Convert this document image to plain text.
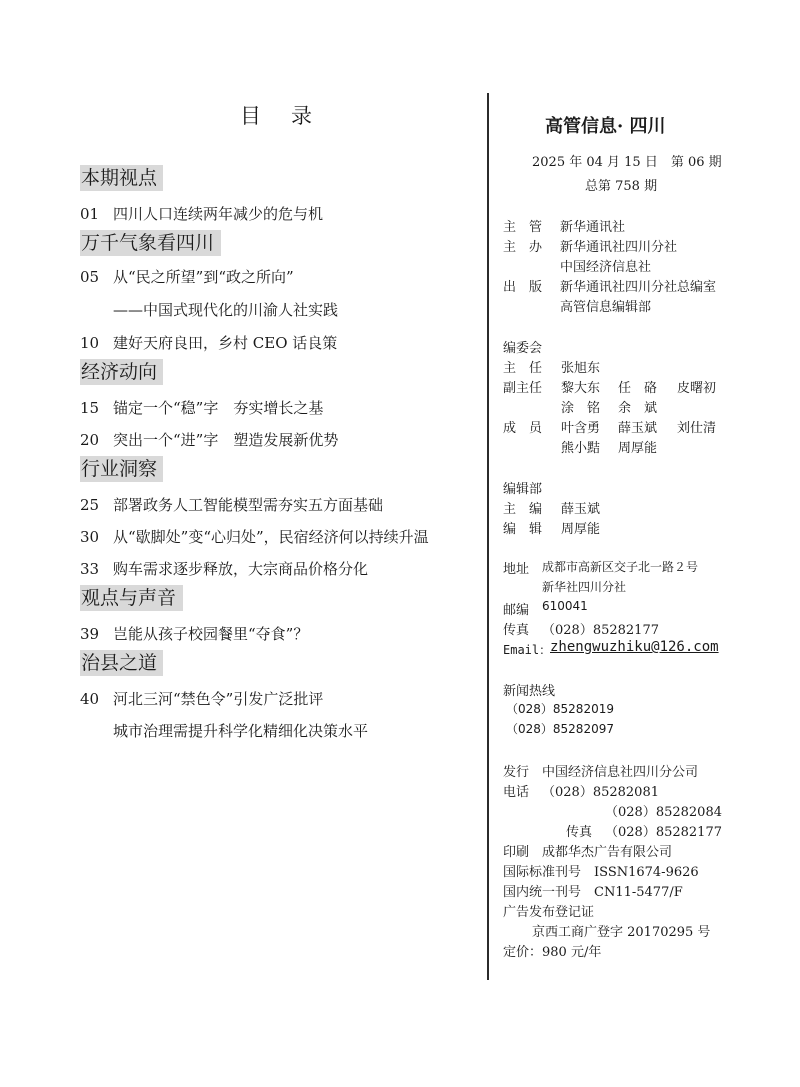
目 录
本期视点
01 四川人口连续两年减少的危与机
万千气象看四川
05 从“民之所望”到“政之所向”
——中国式现代化的川渝人社实践
10 建好天府良田，乡村 CEO 话良策
经济动向
15 锚定一个“稳”字　夯实增长之基
20 突出一个“进”字　塑造发展新优势
行业洞察
25 部署政务人工智能模型需夯实五方面基础
30 从“歇脚处”变“心归处”，民宿经济何以持续升温
33 购车需求逐步释放，大宗商品价格分化
观点与声音
39 岂能从孩子校园餐里“夺食”？
治县之道
40 河北三河“禁色令”引发广泛批评
城市治理需提升科学化精细化决策水平
高管信息· 四川
2025 年 04 月 15 日　第 06 期
总第 758 期
主　管 新华通讯社
主　办 新华通讯社四川分社
中国经济信息社
出　版 新华通讯社四川分社总编室
高管信息编辑部
编委会
主　任 张旭东
副主任 黎大东 任　硌 皮曙初
涂　铭 余　斌
成　员 叶含勇 薛玉斌 刘仕清
熊小黠 周厚能
编辑部
主　编 薛玉斌
编　辑 周厚能
地址 成都市高新区交子北一路２号
新华社四川分社
邮编 610041
传真 （028）85282177
Email：
zhengwuzhiku@126.com
新闻热线
（028）85282019
（028）85282097
发行　中国经济信息社四川分公司
电话 （028）85282081
（028）85282084
传真 （028）85282177
印刷　成都华杰广告有限公司
国际标准刊号　ISSN1674-9626
国内统一刊号　CN11-5477/F
广告发布登记证
京西工商广登字 20170295 号
定价：980 元/年
